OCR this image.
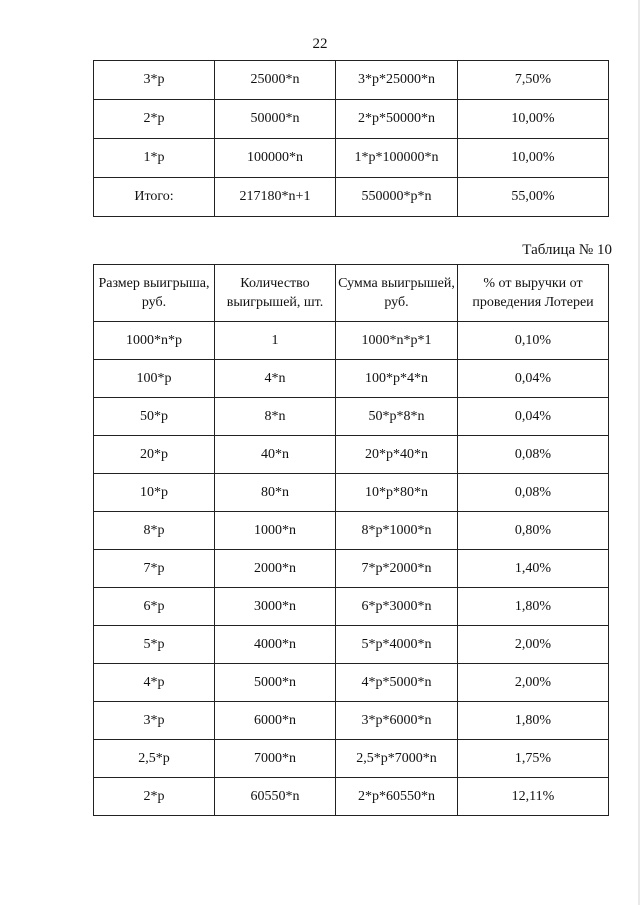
22
3*p	25000*n	3*p*25000*n	7,50%
2*p	50000*n	2*p*50000*n	10,00%
1*p	100000*n	1*p*100000*n	10,00%
Итого:	217180*n+1	550000*p*n	55,00%
Таблица № 10
Размер выигрыша, руб.	Количество выигрышей, шт.	Сумма выигрышей, руб.	% от выручки от проведения Лотереи
1000*n*p	1	1000*n*p*1	0,10%
100*p	4*n	100*p*4*n	0,04%
50*p	8*n	50*p*8*n	0,04%
20*p	40*n	20*p*40*n	0,08%
10*p	80*n	10*p*80*n	0,08%
8*p	1000*n	8*p*1000*n	0,80%
7*p	2000*n	7*p*2000*n	1,40%
6*p	3000*n	6*p*3000*n	1,80%
5*p	4000*n	5*p*4000*n	2,00%
4*p	5000*n	4*p*5000*n	2,00%
3*p	6000*n	3*p*6000*n	1,80%
2,5*p	7000*n	2,5*p*7000*n	1,75%
2*p	60550*n	2*p*60550*n	12,11%
